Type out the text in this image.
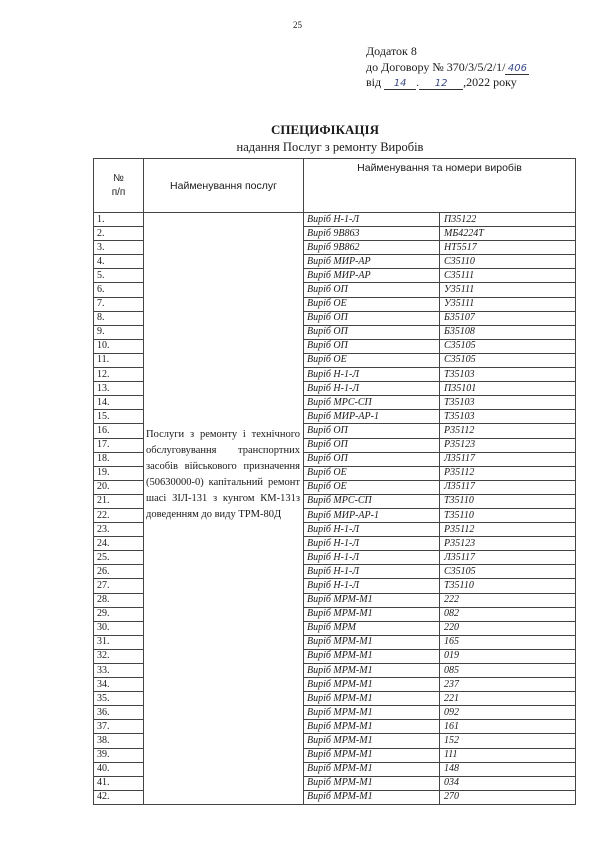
25
Додаток 8
до Договору № 370/3/5/2/1/ 406
від 14 . 12 ,2022 року
СПЕЦИФІКАЦІЯ
надання Послуг з ремонту Виробів
№
п/п	Найменування послуг	Найменування та номери виробів	
1.	Послуги з ремонту і технічного обслуговування транспортних засобів військового призначення (50630000-0) капітальний ремонт шасі ЗІЛ-131 з кунгом КМ-131з доведенням до виду ТРМ-80Д	Виріб Н-1-Л	П35122
2.		Виріб 9В863	МБ4224Т
3.		Виріб 9В862	НТ5517
4.		Виріб МИР-АР	С35110
5.		Виріб МИР-АР	С35111
6.		Виріб ОП	У35111
7.		Виріб ОЕ	У35111
8.		Виріб ОП	Б35107
9.		Виріб ОП	Б35108
10.		Виріб ОП	С35105
11.		Виріб ОЕ	С35105
12.		Виріб Н-1-Л	Т35103
13.		Виріб Н-1-Л	П35101
14.		Виріб МРС-СП	Т35103
15.		Виріб МИР-АР-1	Т35103
16.		Виріб ОП	Р35112
17.		Виріб ОП	Р35123
18.		Виріб ОП	Л35117
19.		Виріб ОЕ	Р35112
20.		Виріб ОЕ	Л35117
21.		Виріб МРС-СП	Т35110
22.		Виріб МИР-АР-1	Т35110
23.		Виріб Н-1-Л	Р35112
24.		Виріб Н-1-Л	Р35123
25.		Виріб Н-1-Л	Л35117
26.		Виріб Н-1-Л	С35105
27.		Виріб Н-1-Л	Т35110
28.		Виріб МРМ-М1	222
29.		Виріб МРМ-М1	082
30.		Виріб МРМ	220
31.		Виріб МРМ-М1	165
32.		Виріб МРМ-М1	019
33.		Виріб МРМ-М1	085
34.		Виріб МРМ-М1	237
35.		Виріб МРМ-М1	221
36.		Виріб МРМ-М1	092
37.		Виріб МРМ-М1	161
38.		Виріб МРМ-М1	152
39.		Виріб МРМ-М1	111
40.		Виріб МРМ-М1	148
41.		Виріб МРМ-М1	034
42.		Виріб МРМ-М1	270
